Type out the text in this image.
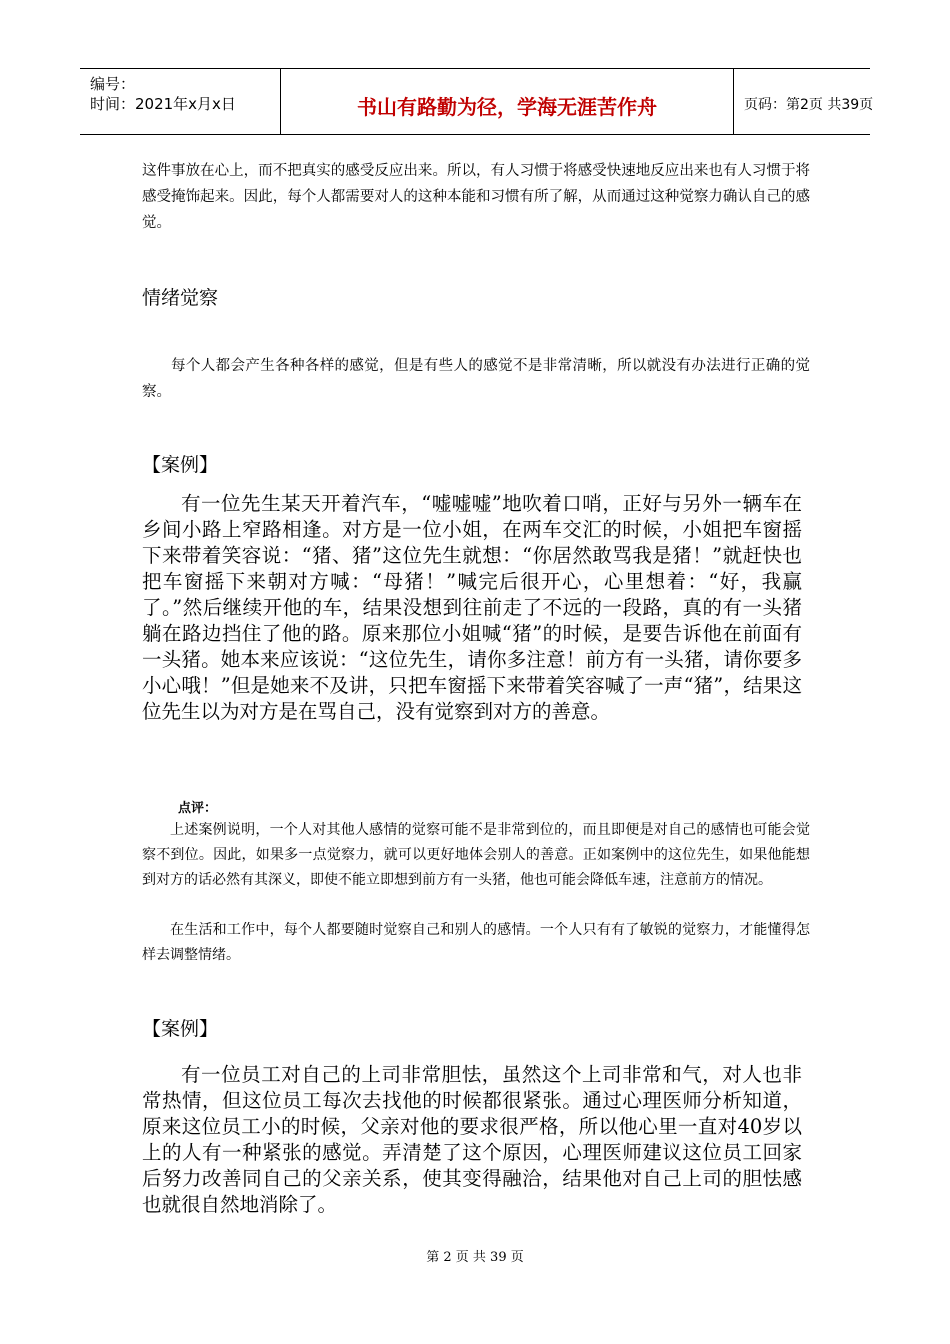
编号：
时间：2021年x月x日	书山有路勤为径，学海无涯苦作舟	页码：第2页 共39页

这件事放在心上，而不把真实的感受反应出来。所以，有人习惯于将感受快速地反应出来也有人习惯于将感受掩饰起来。因此，每个人都需要对人的这种本能和习惯有所了解，从而通过这种觉察力确认自己的感觉。

情绪觉察

每个人都会产生各种各样的感觉，但是有些人的感觉不是非常清晰，所以就没有办法进行正确的觉察。

【案例】

有一位先生某天开着汽车，“嘘嘘嘘”地吹着口哨，正好与另外一辆车在乡间小路上窄路相逢。对方是一位小姐，在两车交汇的时候，小姐把车窗摇下来带着笑容说：“猪、猪”这位先生就想：“你居然敢骂我是猪！”就赶快也把车窗摇下来朝对方喊：“母猪！”喊完后很开心，心里想着：“好，我赢了。”然后继续开他的车，结果没想到往前走了不远的一段路，真的有一头猪躺在路边挡住了他的路。原来那位小姐喊“猪”的时候，是要告诉他在前面有一头猪。她本来应该说：“这位先生，请你多注意！前方有一头猪，请你要多小心哦！”但是她来不及讲，只把车窗摇下来带着笑容喊了一声“猪”，结果这位先生以为对方是在骂自己，没有觉察到对方的善意。

点评：

上述案例说明，一个人对其他人感情的觉察可能不是非常到位的，而且即便是对自己的感情也可能会觉察不到位。因此，如果多一点觉察力，就可以更好地体会别人的善意。正如案例中的这位先生，如果他能想到对方的话必然有其深义，即使不能立即想到前方有一头猪，他也可能会降低车速，注意前方的情况。

在生活和工作中，每个人都要随时觉察自己和别人的感情。一个人只有有了敏锐的觉察力，才能懂得怎样去调整情绪。

【案例】

有一位员工对自己的上司非常胆怯，虽然这个上司非常和气，对人也非常热情，但这位员工每次去找他的时候都很紧张。通过心理医师分析知道，原来这位员工小的时候，父亲对他的要求很严格，所以他心里一直对40岁以上的人有一种紧张的感觉。弄清楚了这个原因，心理医师建议这位员工回家后努力改善同自己的父亲关系，使其变得融洽，结果他对自己上司的胆怯感也就很自然地消除了。

第 2 页 共 39 页
